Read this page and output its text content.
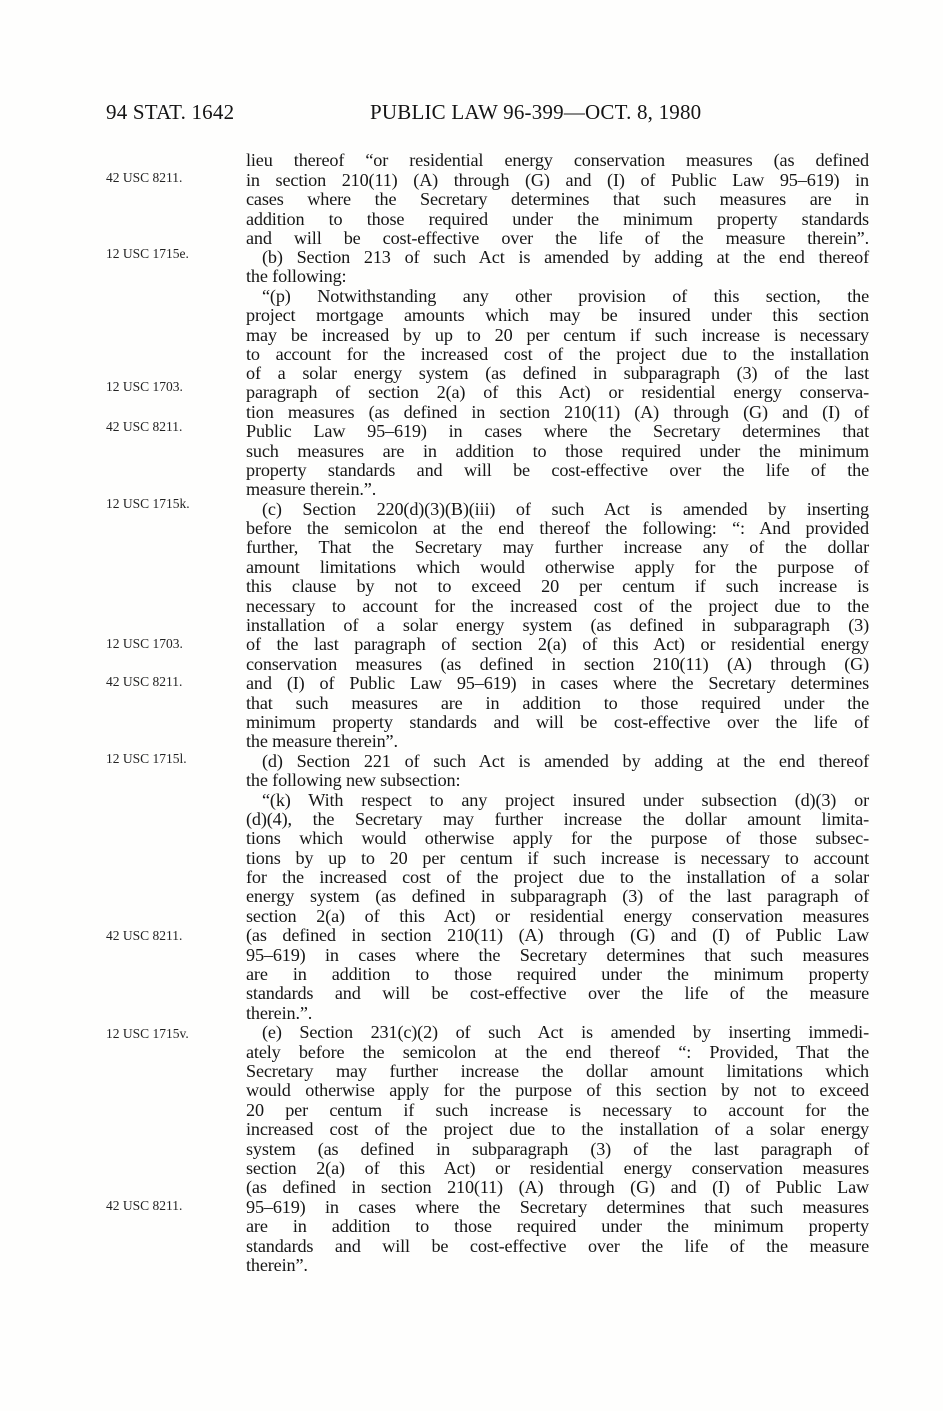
94 STAT. 1642	PUBLIC LAW 96-399—OCT. 8, 1980
42 USC 8211.
12 USC 1715e.
12 USC 1703.
42 USC 8211.
12 USC 1715k.
12 USC 1703.
42 USC 8211.
12 USC 1715l.
42 USC 8211.
12 USC 1715v.
42 USC 8211.
lieu thereof “or residential energy conservation measures (as defined
in section 210(11) (A) through (G) and (I) of Public Law 95–619) in
cases where the Secretary determines that such measures are in
addition to those required under the minimum property standards
and will be cost-effective over the life of the measure therein”.
(b) Section 213 of such Act is amended by adding at the end thereof
the following:
“(p) Notwithstanding any other provision of this section, the
project mortgage amounts which may be insured under this section
may be increased by up to 20 per centum if such increase is necessary
to account for the increased cost of the project due to the installation
of a solar energy system (as defined in subparagraph (3) of the last
paragraph of section 2(a) of this Act) or residential energy conserva-
tion measures (as defined in section 210(11) (A) through (G) and (I) of
Public Law 95–619) in cases where the Secretary determines that
such measures are in addition to those required under the minimum
property standards and will be cost-effective over the life of the
measure therein.”.
(c) Section 220(d)(3)(B)(iii) of such Act is amended by inserting
before the semicolon at the end thereof the following: “: And provided
further, That the Secretary may further increase any of the dollar
amount limitations which would otherwise apply for the purpose of
this clause by not to exceed 20 per centum if such increase is
necessary to account for the increased cost of the project due to the
installation of a solar energy system (as defined in subparagraph (3)
of the last paragraph of section 2(a) of this Act) or residential energy
conservation measures (as defined in section 210(11) (A) through (G)
and (I) of Public Law 95–619) in cases where the Secretary determines
that such measures are in addition to those required under the
minimum property standards and will be cost-effective over the life of
the measure therein”.
(d) Section 221 of such Act is amended by adding at the end thereof
the following new subsection:
“(k) With respect to any project insured under subsection (d)(3) or
(d)(4), the Secretary may further increase the dollar amount limita-
tions which would otherwise apply for the purpose of those subsec-
tions by up to 20 per centum if such increase is necessary to account
for the increased cost of the project due to the installation of a solar
energy system (as defined in subparagraph (3) of the last paragraph of
section 2(a) of this Act) or residential energy conservation measures
(as defined in section 210(11) (A) through (G) and (I) of Public Law
95–619) in cases where the Secretary determines that such measures
are in addition to those required under the minimum property
standards and will be cost-effective over the life of the measure
therein.”.
(e) Section 231(c)(2) of such Act is amended by inserting immedi-
ately before the semicolon at the end thereof “: Provided, That the
Secretary may further increase the dollar amount limitations which
would otherwise apply for the purpose of this section by not to exceed
20 per centum if such increase is necessary to account for the
increased cost of the project due to the installation of a solar energy
system (as defined in subparagraph (3) of the last paragraph of
section 2(a) of this Act) or residential energy conservation measures
(as defined in section 210(11) (A) through (G) and (I) of Public Law
95–619) in cases where the Secretary determines that such measures
are in addition to those required under the minimum property
standards and will be cost-effective over the life of the measure
therein”.
